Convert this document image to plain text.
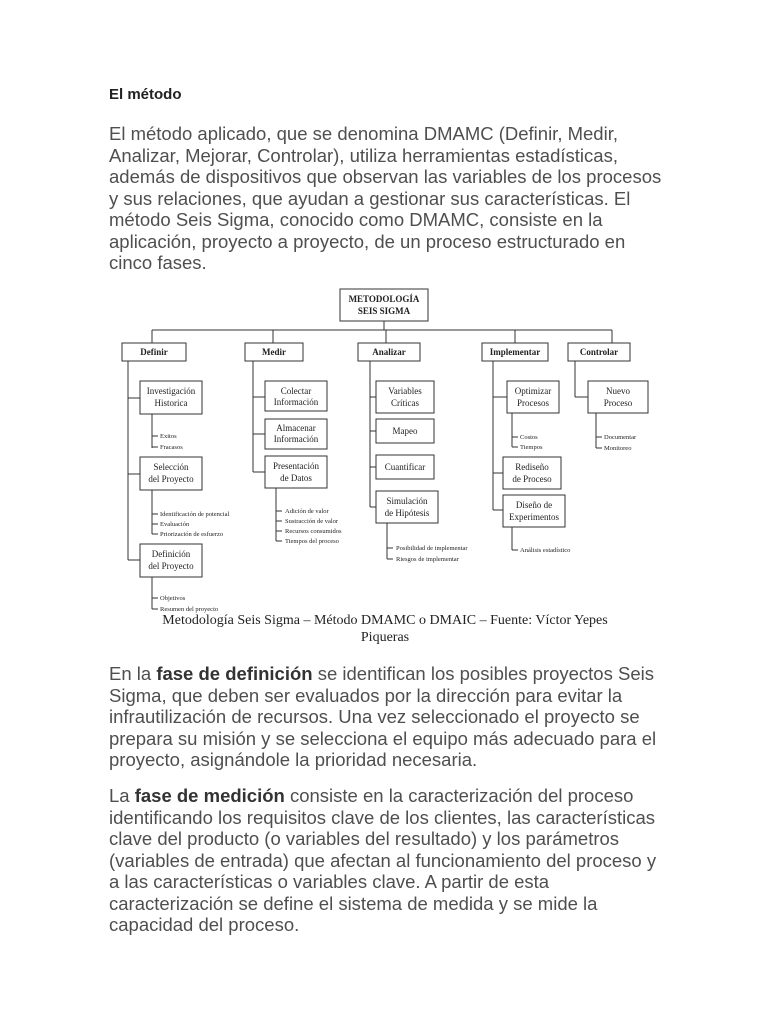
El método
El método aplicado, que se denomina DMAMC (Definir, Medir, Analizar, Mejorar, Controlar), utiliza herramientas estadísticas, además de dispositivos que observan las variables de los procesos y sus relaciones, que ayudan a gestionar sus características. El método Seis Sigma, conocido como DMAMC, consiste en la aplicación, proyecto a proyecto, de un proceso estructurado en cinco fases.
METODOLOGÍA
SEIS SIGMA
Definir	Medir	Analizar	Implementar	Controlar
Investigación
Historica
Selección
del Proyecto
Definición
del Proyecto
Colectar
Información
Almacenar
Información
Presentación
de Datos
Variables
Críticas
Mapeo
Cuantificar
Simulación
de Hipótesis
Optimizar
Procesos
Rediseño
de Proceso
Diseño de
Experimentos
Nuevo
Proceso
Exitos
Fracasos
Identificación de potencial
Evaluación
Priorización de esfuerzo
Objetivos
Resumen del proyecto
Adición de valor
Sustracción de valor
Recursos consumidos
Tiempos del proceso
Posibilidad de implementar
Riesgos de implementar
Costos
Tiempos
Análisis estadístico
Documentar
Monitoreo
Metodología Seis Sigma – Método DMAMC o DMAIC – Fuente: Víctor Yepes
Piqueras
En la fase de definición se identifican los posibles proyectos Seis Sigma, que deben ser evaluados por la dirección para evitar la infrautilización de recursos. Una vez seleccionado el proyecto se prepara su misión y se selecciona el equipo más adecuado para el proyecto, asignándole la prioridad necesaria.
La fase de medición consiste en la caracterización del proceso identificando los requisitos clave de los clientes, las características clave del producto (o variables del resultado) y los parámetros (variables de entrada) que afectan al funcionamiento del proceso y a las características o variables clave. A partir de esta caracterización se define el sistema de medida y se mide la capacidad del proceso.
